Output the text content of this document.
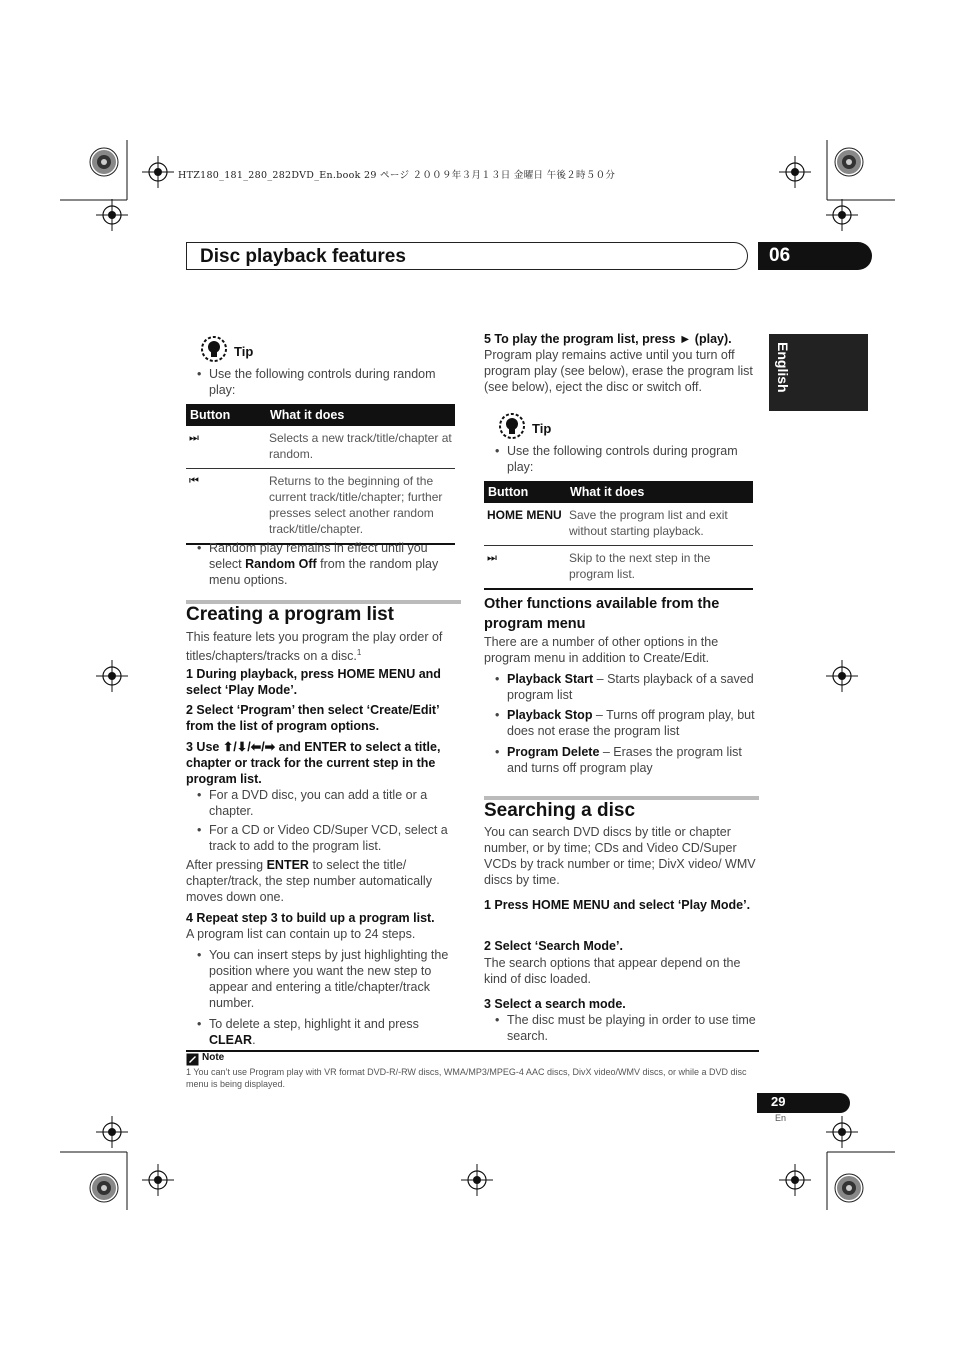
HTZ180_181_280_282DVD_En.book 29 ページ ２００９年３月１３日 金曜日 午後２時５０分
Disc playback features	06
English
Tip
• Use the following controls during random play:
Button	What it does
⏭	Selects a new track/title/chapter at random.
⏮	Returns to the beginning of the current track/title/chapter; further presses select another random track/title/chapter.
• Random play remains in effect until you select Random Off from the random play menu options.
Creating a program list
This feature lets you program the play order of titles/chapters/tracks on a disc.$^1$
1 During playback, press HOME MENU and select ‘Play Mode’.
2 Select ‘Program’ then select ‘Create/Edit’ from the list of program options.
3 Use ⬆/⬇/⬅/➡ and ENTER to select a title, chapter or track for the current step in the program list.
• For a DVD disc, you can add a title or a chapter.
• For a CD or Video CD/Super VCD, select a track to add to the program list.
After pressing ENTER to select the title/ chapter/track, the step number automatically moves down one.
4 Repeat step 3 to build up a program list.
A program list can contain up to 24 steps.
• You can insert steps by just highlighting the position where you want the new step to appear and entering a title/chapter/track number.
• To delete a step, highlight it and press CLEAR.
5 To play the program list, press ► (play).
Program play remains active until you turn off program play (see below), erase the program list (see below), eject the disc or switch off.
Tip
• Use the following controls during program play:
Button	What it does
HOME MENU	Save the program list and exit without starting playback.
⏭	Skip to the next step in the program list.
Other functions available from the program menu
There are a number of other options in the program menu in addition to Create/Edit.
• Playback Start – Starts playback of a saved program list
• Playback Stop – Turns off program play, but does not erase the program list
• Program Delete – Erases the program list and turns off program play
Searching a disc
You can search DVD discs by title or chapter number, or by time; CDs and Video CD/Super VCDs by track number or time; DivX video/ WMV discs by time.
1 Press HOME MENU and select ‘Play Mode’.
2 Select ‘Search Mode’.
The search options that appear depend on the kind of disc loaded.
3 Select a search mode.
• The disc must be playing in order to use time search.
Note
1 You can’t use Program play with VR format DVD-R/-RW discs, WMA/MP3/MPEG-4 AAC discs, DivX video/WMV discs, or while a DVD disc menu is being displayed.
29
En
